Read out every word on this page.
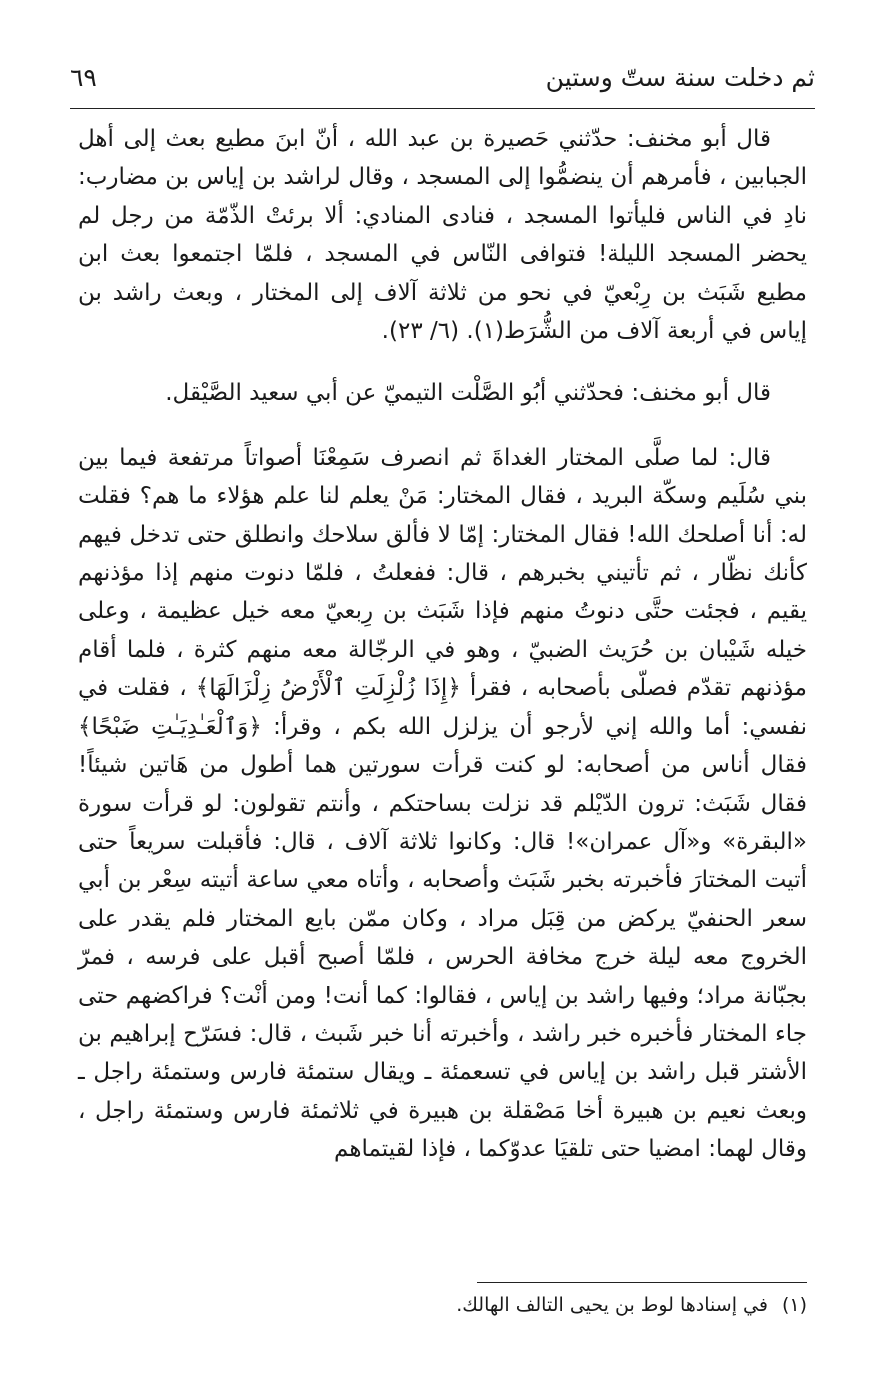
ثم دخلت سنة ستّ وستين
٦٩

قال أبو مخنف: حدّثني حَصيرة بن عبد الله ، أنّ ابنَ مطيع بعث إلى أهل الجبابين ، فأمرهم أن ينضمُّوا إلى المسجد ، وقال لراشد بن إياس بن مضارب: نادِ في الناس فليأتوا المسجد ، فنادى المنادي: ألا برئتْ الذّمّة من رجل لم يحضر المسجد الليلة! فتوافى النّاس في المسجد ، فلمّا اجتمعوا بعث ابن مطيع شَبَث بن رِبْعيّ في نحو من ثلاثة آلاف إلى المختار ، وبعث راشد بن إياس في أربعة آلاف من الشُّرَط(١). (٦/ ٢٣).

قال أبو مخنف: فحدّثني أبُو الصَّلْت التيميّ عن أبي سعيد الصَّيْقل.

قال: لما صلَّى المختار الغداةَ ثم انصرف سَمِعْنَا أصواتاً مرتفعة فيما بين بني سُلَيم وسكّة البريد ، فقال المختار: مَنْ يعلم لنا علم هؤلاء ما هم؟ فقلت له: أنا أصلحك الله! فقال المختار: إمّا لا فألق سلاحك وانطلق حتى تدخل فيهم كأنك نظّار ، ثم تأتيني بخبرهم ، قال: ففعلتُ ، فلمّا دنوت منهم إذا مؤذنهم يقيم ، فجئت حتَّى دنوتُ منهم فإذا شَبَث بن رِبعيّ معه خيل عظيمة ، وعلى خيله شَيْبان بن حُرَيث الضبيّ ، وهو في الرجّالة معه منهم كثرة ، فلما أقام مؤذنهم تقدّم فصلّى بأصحابه ، فقرأ ﴿إِذَا زُلْزِلَتِ ٱلْأَرْضُ زِلْزَالَهَا﴾ ، فقلت في نفسي: أما والله إني لأرجو أن يزلزل الله بكم ، وقرأ: ﴿وَٱلْعَـٰدِيَـٰتِ ضَبْحًا﴾ فقال أناس من أصحابه: لو كنت قرأت سورتين هما أطول من هَاتين شيئاً! فقال شَبَث: ترون الدّيْلم قد نزلت بساحتكم ، وأنتم تقولون: لو قرأت سورة «البقرة» و«آل عمران»! قال: وكانوا ثلاثة آلاف ، قال: فأقبلت سريعاً حتى أتيت المختارَ فأخبرته بخبر شَبَث وأصحابه ، وأتاه معي ساعة أتيته سِعْر بن أبي سعر الحنفيّ يركض من قِبَل مراد ، وكان ممّن بايع المختار فلم يقدر على الخروج معه ليلة خرج مخافة الحرس ، فلمّا أصبح أقبل على فرسه ، فمرّ بجبّانة مراد؛ وفيها راشد بن إياس ، فقالوا: كما أنت! ومن أنْت؟ فراكضهم حتى جاء المختار فأخبره خبر راشد ، وأخبرته أنا خبر شَبث ، قال: فسَرّح إبراهيم بن الأشتر قبل راشد بن إياس في تسعمئة ـ ويقال ستمئة فارس وستمئة راجل ـ وبعث نعيم بن هبيرة أخا مَصْقلة بن هبيرة في ثلاثمئة فارس وستمئة راجل ، وقال لهما: امضيا حتى تلقيَا عدوّكما ، فإذا لقيتماهم

(١)في إسنادها لوط بن يحيى التالف الهالك.
